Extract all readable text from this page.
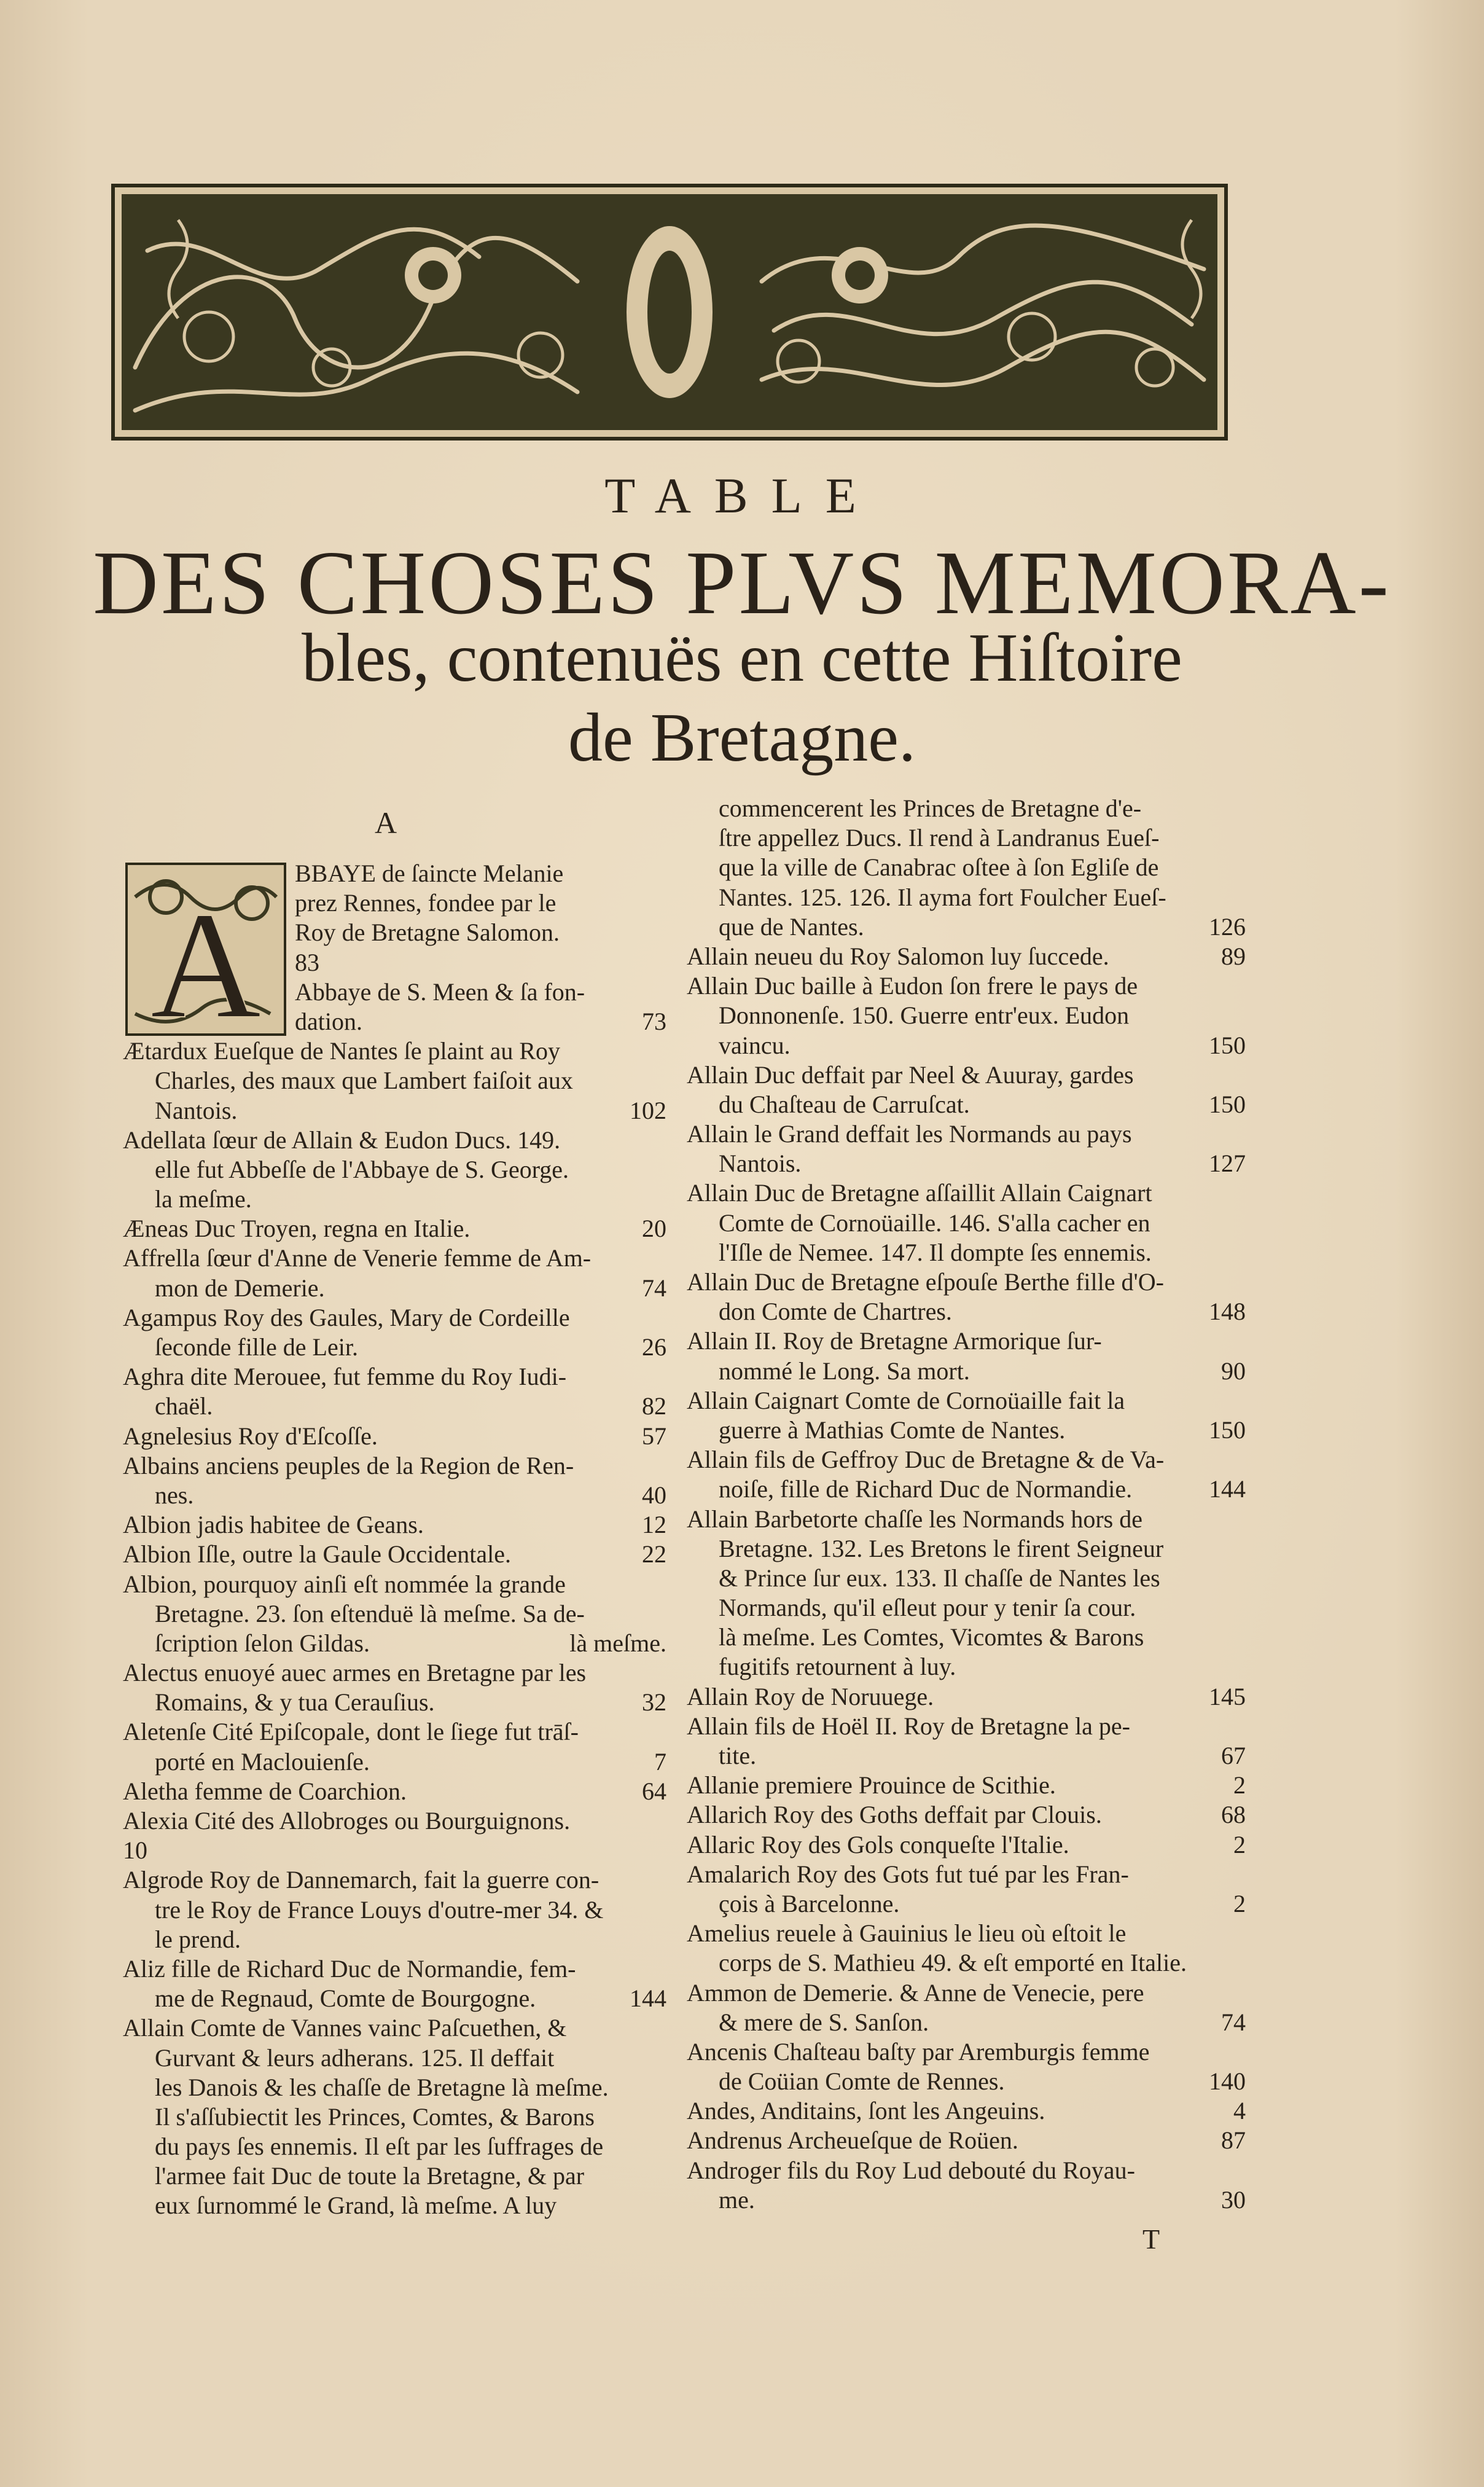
TABLE
DES CHOSES PLVS MEMORA-
bles, contenuës en cette Hiſtoire
de Bretagne.
A
A
BBAYE de ſaincte Melanie
prez Rennes, fondee par le
Roy de Bretagne Salomon.
83
Abbaye de S. Meen & ſa fon-
dation.	73
Ætardux Eueſque de Nantes ſe plaint au Roy
Charles, des maux que Lambert faiſoit aux
Nantois.	102
Adellata ſœur de Allain & Eudon Ducs. 149.
elle fut Abbeſſe de l'Abbaye de S. George.
la meſme.
Æneas Duc Troyen, regna en Italie.	20
Affrella ſœur d'Anne de Venerie femme de Am-
mon de Demerie.	74
Agampus Roy des Gaules, Mary de Cordeille
ſeconde fille de Leir.	26
Aghra dite Merouee, fut femme du Roy Iudi-
chaël.	82
Agnelesius Roy d'Eſcoſſe.	57
Albains anciens peuples de la Region de Ren-
nes.	40
Albion jadis habitee de Geans.	12
Albion Iſle, outre la Gaule Occidentale.	22
Albion, pourquoy ainſi eſt nommée la grande
Bretagne. 23. ſon eſtenduë là meſme. Sa de-
ſcription ſelon Gildas.	là meſme.
Alectus enuoyé auec armes en Bretagne par les
Romains, & y tua Cerauſius.	32
Aletenſe Cité Epiſcopale, dont le ſiege fut trāſ-
porté en Maclouienſe.	7
Aletha femme de Coarchion.	64
Alexia Cité des Allobroges ou Bourguignons.
10
Algrode Roy de Dannemarch, fait la guerre con-
tre le Roy de France Louys d'outre-mer 34. &
le prend.
Aliz fille de Richard Duc de Normandie, fem-
me de Regnaud, Comte de Bourgogne.	144
Allain Comte de Vannes vainc Paſcuethen, &
Gurvant & leurs adherans. 125. Il deffait
les Danois & les chaſſe de Bretagne là meſme.
Il s'aſſubiectit les Princes, Comtes, & Barons
du pays ſes ennemis. Il eſt par les ſuffrages de
l'armee fait Duc de toute la Bretagne, & par
eux ſurnommé le Grand, là meſme. A luy
commencerent les Princes de Bretagne d'e-
ſtre appellez Ducs. Il rend à Landranus Eueſ-
que la ville de Canabrac oſtee à ſon Egliſe de
Nantes. 125. 126. Il ayma fort Foulcher Eueſ-
que de Nantes.	126
Allain neueu du Roy Salomon luy ſuccede.	89
Allain Duc baille à Eudon ſon frere le pays de
Donnonenſe. 150. Guerre entr'eux. Eudon
vaincu.	150
Allain Duc deffait par Neel & Auuray, gardes
du Chaſteau de Carruſcat.	150
Allain le Grand deffait les Normands au pays
Nantois.	127
Allain Duc de Bretagne aſſaillit Allain Caignart
Comte de Cornoüaille. 146. S'alla cacher en
l'Iſle de Nemee. 147. Il dompte ſes ennemis.
Allain Duc de Bretagne eſpouſe Berthe fille d'O-
don Comte de Chartres.	148
Allain II. Roy de Bretagne Armorique ſur-
nommé le Long. Sa mort.	90
Allain Caignart Comte de Cornoüaille fait la
guerre à Mathias Comte de Nantes.	150
Allain fils de Geffroy Duc de Bretagne & de Va-
noiſe, fille de Richard Duc de Normandie.	144
Allain Barbetorte chaſſe les Normands hors de
Bretagne. 132. Les Bretons le firent Seigneur
& Prince ſur eux. 133. Il chaſſe de Nantes les
Normands, qu'il eſleut pour y tenir ſa cour.
là meſme. Les Comtes, Vicomtes & Barons
fugitifs retournent à luy.
Allain Roy de Noruuege.	145
Allain fils de Hoël II. Roy de Bretagne la pe-
tite.	67
Allanie premiere Prouince de Scithie.	2
Allarich Roy des Goths deffait par Clouis.	68
Allaric Roy des Gols conqueſte l'Italie.	2
Amalarich Roy des Gots fut tué par les Fran-
çois à Barcelonne.	2
Amelius reuele à Gauinius le lieu où eſtoit le
corps de S. Mathieu 49. & eſt emporté en Italie.
Ammon de Demerie. & Anne de Venecie, pere
& mere de S. Sanſon.	74
Ancenis Chaſteau baſty par Aremburgis femme
de Coüian Comte de Rennes.	140
Andes, Anditains, ſont les Angeuins.	4
Andrenus Archeueſque de Roüen.	87
Androger fils du Roy Lud debouté du Royau-
me.	30
T
